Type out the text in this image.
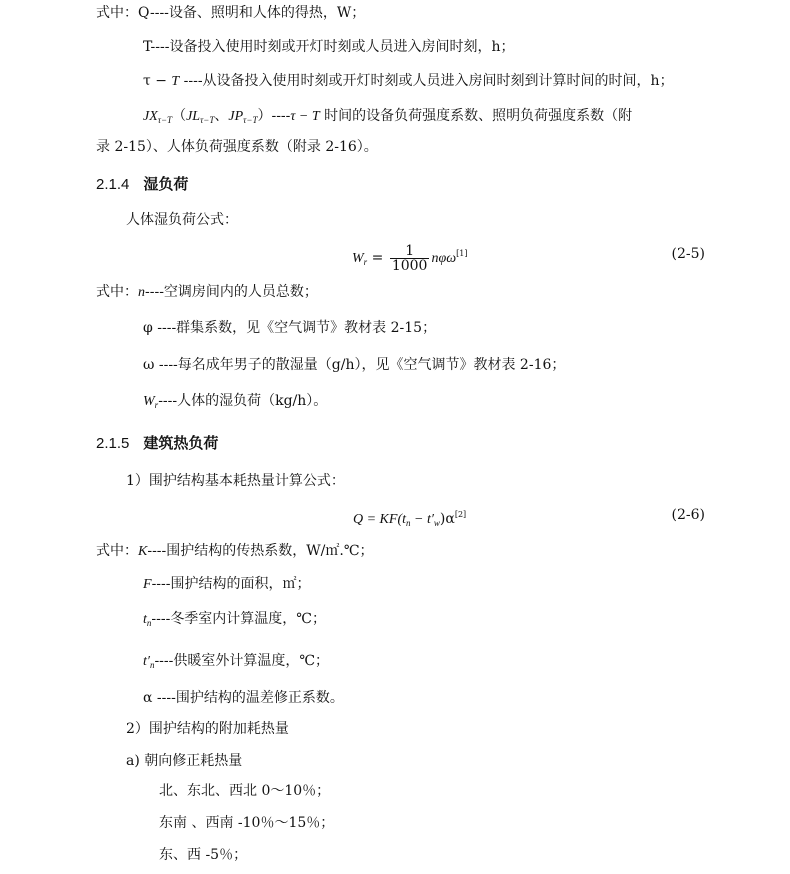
式中：Q----设备、照明和人体的得热，W；
T----设备投入使用时刻或开灯时刻或人员进入房间时刻，h；
τ − T ----从设备投入使用时刻或开灯时刻或人员进入房间时刻到计算时间的时间，h；
$JX_{\tau-T}(JL_{\tau-T}$、$JP_{\tau-T})----\tau - T$ 时间的设备负荷强度系数、照明负荷强度系数（附
录 2-15）、人体负荷强度系数（附录 2-16）。
2.1.4 湿负荷
人体湿负荷公式：
$W_r = \frac{1}{1000} n\varphi\omega[1]$	(2-5)
式中：n----空调房间内的人员总数；
φ ----群集系数，见《空气调节》教材表 2-15；
ω ----每名成年男子的散湿量（g/h），见《空气调节》教材表 2-16；
$W_r----$人体的湿负荷（kg/h）。
2.1.5 建筑热负荷
1）围护结构基本耗热量计算公式：
$Q = KF(t_n - t'_w)\alpha[2]$	(2-6)
式中：K----围护结构的传热系数，W/㎡.℃；
F----围护结构的面积，㎡；
$t_n----$冬季室内计算温度，℃；
$t'_n----$供暖室外计算温度，℃；
α ----围护结构的温差修正系数。
2）围护结构的附加耗热量
a) 朝向修正耗热量
北、东北、西北 0～10％；
东南 、西南 -10％～15％；
东、西 -5％；
